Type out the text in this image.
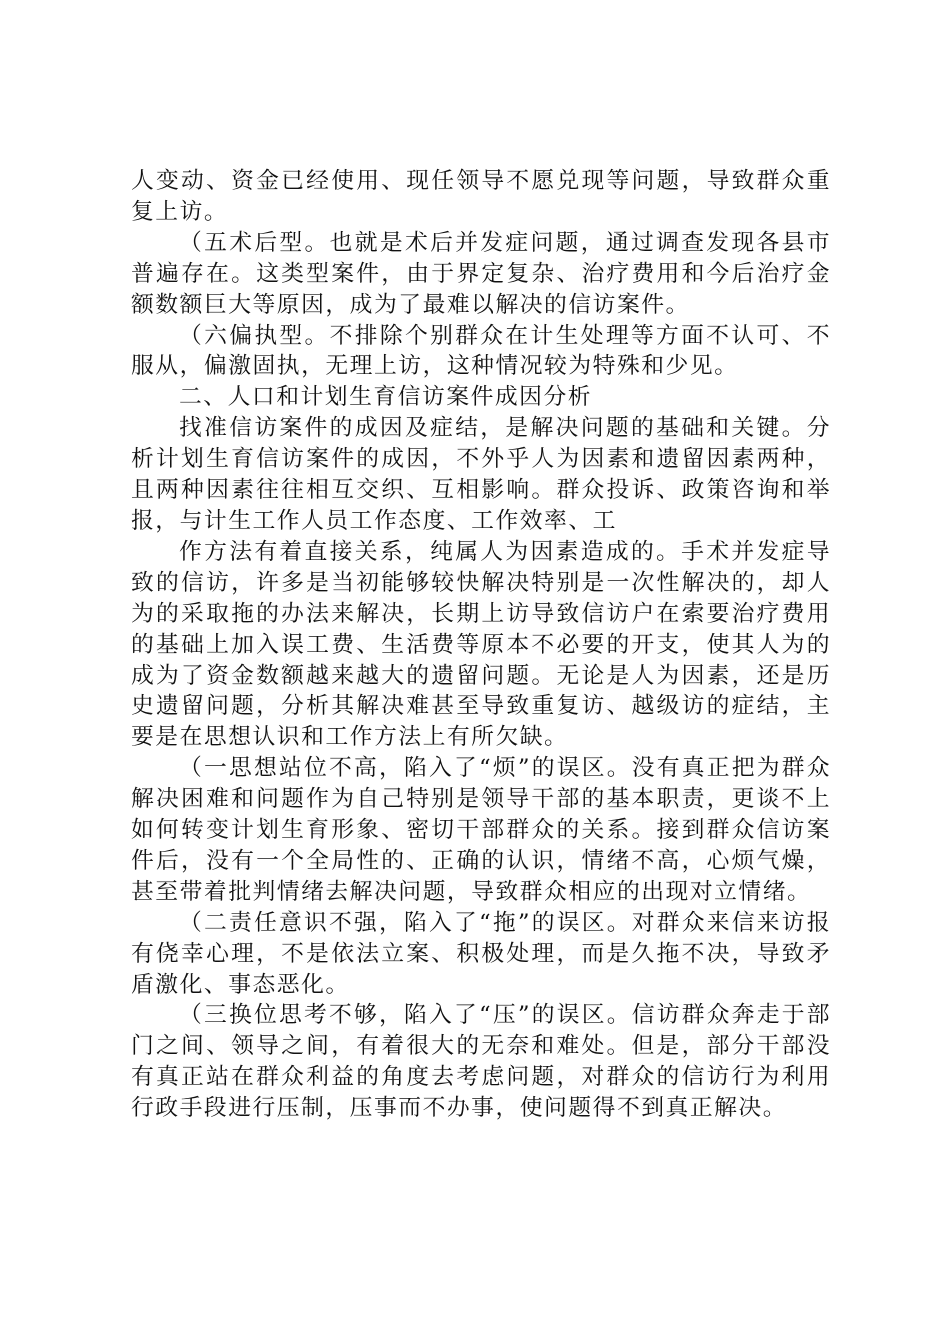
人变动、资金已经使用、现任领导不愿兑现等问题，导致群众重复上访。

（五术后型。也就是术后并发症问题，通过调查发现各县市普遍存在。这类型案件，由于界定复杂、治疗费用和今后治疗金额数额巨大等原因，成为了最难以解决的信访案件。

（六偏执型。不排除个别群众在计生处理等方面不认可、不服从，偏激固执，无理上访，这种情况较为特殊和少见。

二、人口和计划生育信访案件成因分析

找准信访案件的成因及症结，是解决问题的基础和关键。分析计划生育信访案件的成因，不外乎人为因素和遗留因素两种，且两种因素往往相互交织、互相影响。群众投诉、政策咨询和举报，与计生工作人员工作态度、工作效率、工

作方法有着直接关系，纯属人为因素造成的。手术并发症导致的信访，许多是当初能够较快解决特别是一次性解决的，却人为的采取拖的办法来解决，长期上访导致信访户在索要治疗费用的基础上加入误工费、生活费等原本不必要的开支，使其人为的成为了资金数额越来越大的遗留问题。无论是人为因素，还是历史遗留问题，分析其解决难甚至导致重复访、越级访的症结，主要是在思想认识和工作方法上有所欠缺。

（一思想站位不高，陷入了“烦”的误区。没有真正把为群众解决困难和问题作为自己特别是领导干部的基本职责，更谈不上如何转变计划生育形象、密切干部群众的关系。接到群众信访案件后，没有一个全局性的、正确的认识，情绪不高，心烦气燥，甚至带着批判情绪去解决问题，导致群众相应的出现对立情绪。

（二责任意识不强，陷入了“拖”的误区。对群众来信来访报有侥幸心理，不是依法立案、积极处理，而是久拖不决，导致矛盾激化、事态恶化。

（三换位思考不够，陷入了“压”的误区。信访群众奔走于部门之间、领导之间，有着很大的无奈和难处。但是，部分干部没有真正站在群众利益的角度去考虑问题，对群众的信访行为利用行政手段进行压制，压事而不办事，使问题得不到真正解决。
